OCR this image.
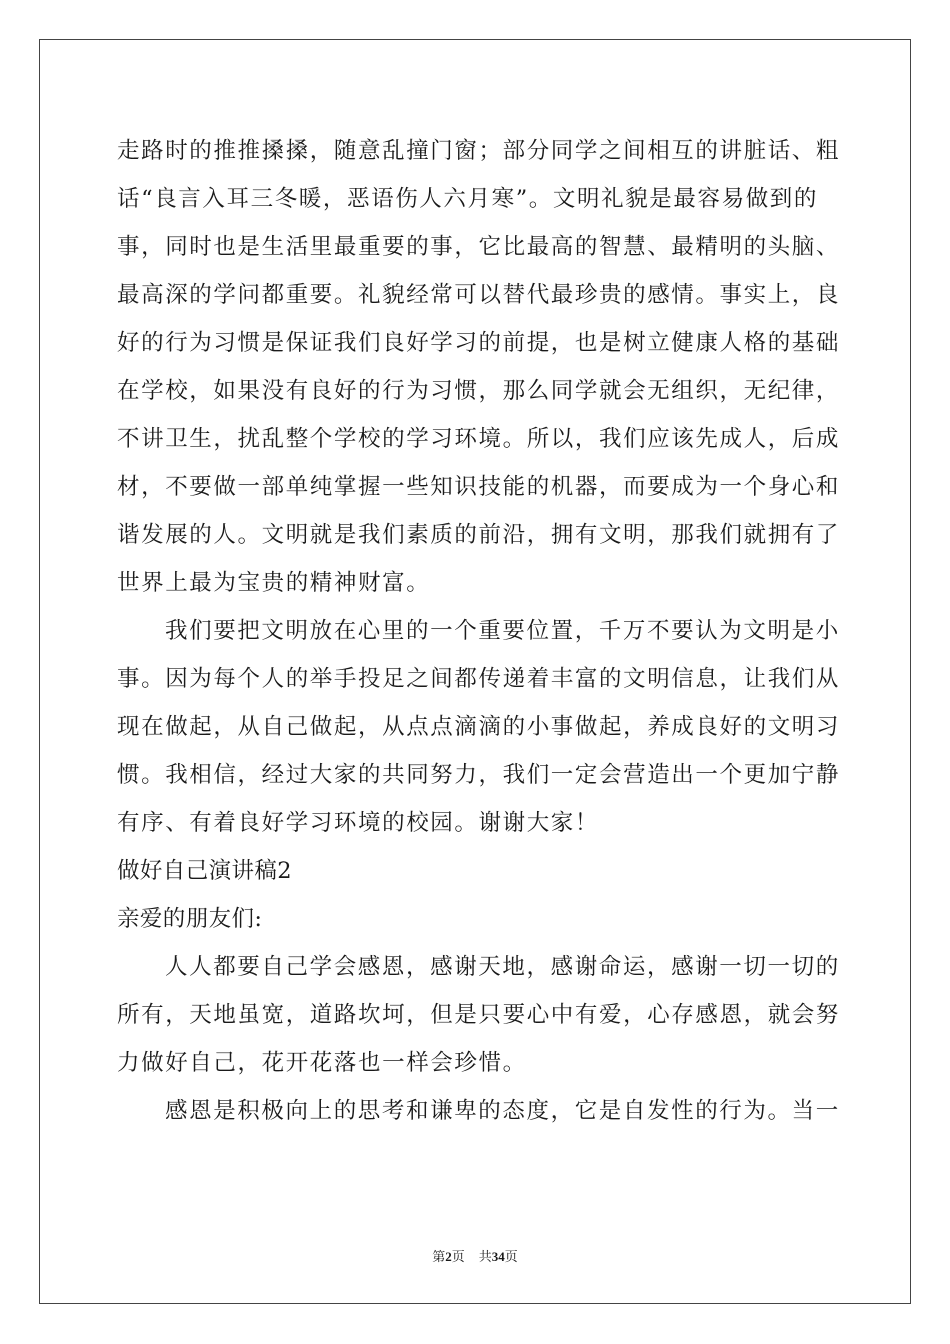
走路时的推推搡搡，随意乱撞门窗；部分同学之间相互的讲脏话、粗

话“良言入耳三冬暖，恶语伤人六月寒”。文明礼貌是最容易做到的

事，同时也是生活里最重要的事，它比最高的智慧、最精明的头脑、

最高深的学问都重要。礼貌经常可以替代最珍贵的感情。事实上，良

好的行为习惯是保证我们良好学习的前提，也是树立健康人格的基础

在学校，如果没有良好的行为习惯，那么同学就会无组织，无纪律，

不讲卫生，扰乱整个学校的学习环境。所以，我们应该先成人，后成

材，不要做一部单纯掌握一些知识技能的机器，而要成为一个身心和

谐发展的人。文明就是我们素质的前沿，拥有文明，那我们就拥有了

世界上最为宝贵的精神财富。

我们要把文明放在心里的一个重要位置，千万不要认为文明是小

事。因为每个人的举手投足之间都传递着丰富的文明信息，让我们从

现在做起，从自己做起，从点点滴滴的小事做起，养成良好的文明习

惯。我相信，经过大家的共同努力，我们一定会营造出一个更加宁静

有序、有着良好学习环境的校园。谢谢大家！

做好自己演讲稿2

亲爱的朋友们:

人人都要自己学会感恩，感谢天地，感谢命运，感谢一切一切的

所有，天地虽宽，道路坎坷，但是只要心中有爱，心存感恩，就会努

力做好自己，花开花落也一样会珍惜。

感恩是积极向上的思考和谦卑的态度，它是自发性的行为。当一

第2页 共34页
